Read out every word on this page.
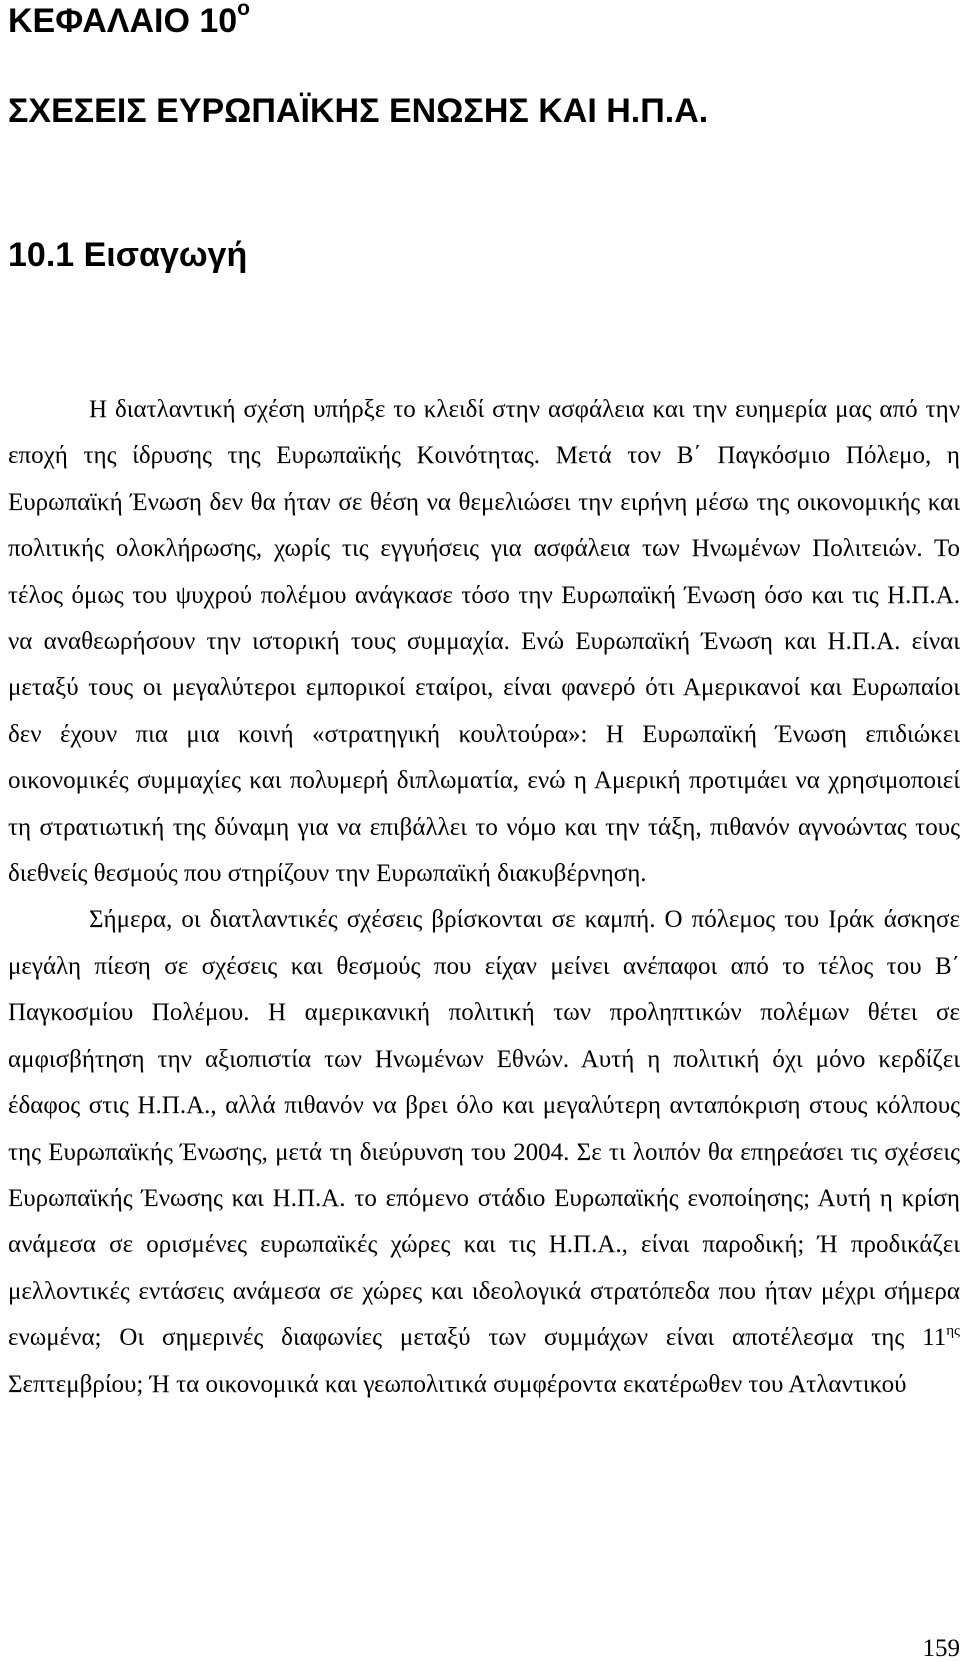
ΚΕΦΑΛΑΙΟ $10^o$
ΣΧΕΣΕΙΣ ΕΥΡΩΠΑΪΚΗΣ ΕΝΩΣΗΣ ΚΑΙ Η.Π.Α.
10.1 Εισαγωγή

Η διατλαντική σχέση υπήρξε το κλειδί στην ασφάλεια και την ευημερία μας από την εποχή της ίδρυσης της Ευρωπαϊκής Κοινότητας. Μετά τον Β΄ Παγκόσμιο Πόλεμο, η Ευρωπαϊκή Ένωση δεν θα ήταν σε θέση να θεμελιώσει την ειρήνη μέσω της οικονομικής και πολιτικής ολοκλήρωσης, χωρίς τις εγγυήσεις για ασφάλεια των Ηνωμένων Πολιτειών. Το τέλος όμως του ψυχρού πολέμου ανάγκασε τόσο την Ευρωπαϊκή Ένωση όσο και τις Η.Π.Α. να αναθεωρήσουν την ιστορική τους συμμαχία. Ενώ Ευρωπαϊκή Ένωση και Η.Π.Α. είναι μεταξύ τους οι μεγαλύτεροι εμπορικοί εταίροι, είναι φανερό ότι Αμερικανοί και Ευρωπαίοι δεν έχουν πια μια κοινή «στρατηγική κουλτούρα»: Η Ευρωπαϊκή Ένωση επιδιώκει οικονομικές συμμαχίες και πολυμερή διπλωματία, ενώ η Αμερική προτιμάει να χρησιμοποιεί τη στρατιωτική της δύναμη για να επιβάλλει το νόμο και την τάξη, πιθανόν αγνοώντας τους διεθνείς θεσμούς που στηρίζουν την Ευρωπαϊκή διακυβέρνηση.

Σήμερα, οι διατλαντικές σχέσεις βρίσκονται σε καμπή. Ο πόλεμος του Ιράκ άσκησε μεγάλη πίεση σε σχέσεις και θεσμούς που είχαν μείνει ανέπαφοι από το τέλος του Β΄ Παγκοσμίου Πολέμου. Η αμερικανική πολιτική των προληπτικών πολέμων θέτει σε αμφισβήτηση την αξιοπιστία των Ηνωμένων Εθνών. Αυτή η πολιτική όχι μόνο κερδίζει έδαφος στις Η.Π.Α., αλλά πιθανόν να βρει όλο και μεγαλύτερη ανταπόκριση στους κόλπους της Ευρωπαϊκής Ένωσης, μετά τη διεύρυνση του 2004. Σε τι λοιπόν θα επηρεάσει τις σχέσεις Ευρωπαϊκής Ένωσης και Η.Π.Α. το επόμενο στάδιο Ευρωπαϊκής ενοποίησης; Αυτή η κρίση ανάμεσα σε ορισμένες ευρωπαϊκές χώρες και τις Η.Π.Α., είναι παροδική; Ή προδικάζει μελλοντικές εντάσεις ανάμεσα σε χώρες και ιδεολογικά στρατόπεδα που ήταν μέχρι σήμερα ενωμένα; Οι σημερινές διαφωνίες μεταξύ των συμμάχων είναι αποτέλεσμα της $11^{\eta\varsigma}$ Σεπτεμβρίου; Ή τα οικονομικά και γεωπολιτικά συμφέροντα εκατέρωθεν του Ατλαντικού

159
